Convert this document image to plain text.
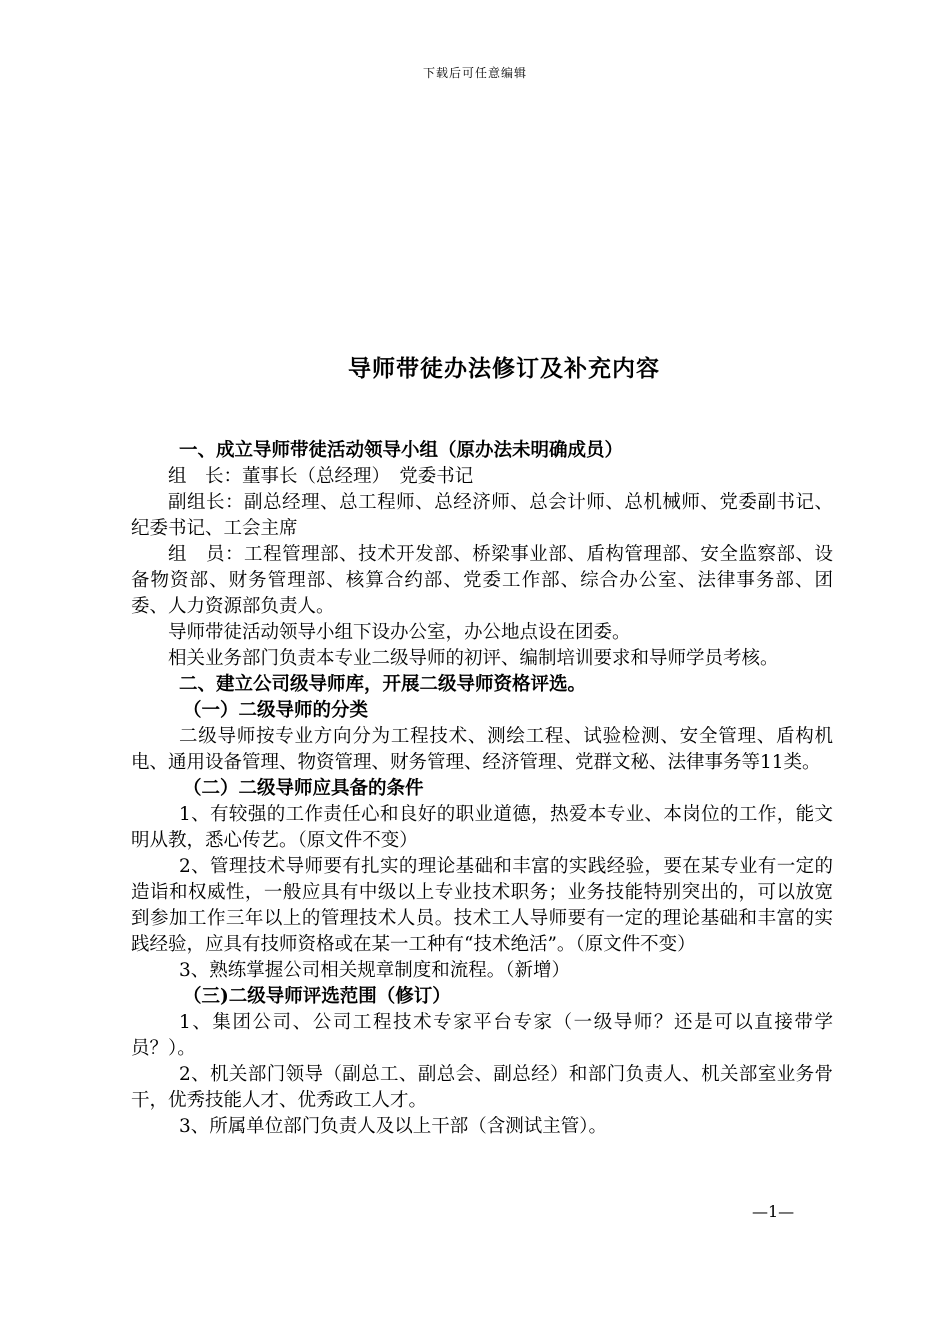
下载后可任意编辑
导师带徒办法修订及补充内容

一、成立导师带徒活动领导小组（原办法未明确成员）

组　长：董事长（总经理）　党委书记

副组长：副总经理、总工程师、总经济师、总会计师、总机械师、党委副书记、纪委书记、工会主席

组　员：工程管理部、技术开发部、桥梁事业部、盾构管理部、安全监察部、设备物资部、财务管理部、核算合约部、党委工作部、综合办公室、法律事务部、团委、人力资源部负责人。

导师带徒活动领导小组下设办公室，办公地点设在团委。

相关业务部门负责本专业二级导师的初评、编制培训要求和导师学员考核。

二、建立公司级导师库，开展二级导师资格评选。

（一）二级导师的分类

二级导师按专业方向分为工程技术、测绘工程、试验检测、安全管理、盾构机电、通用设备管理、物资管理、财务管理、经济管理、党群文秘、法律事务等11类。

（二）二级导师应具备的条件

1、有较强的工作责任心和良好的职业道德，热爱本专业、本岗位的工作，能文明从教，悉心传艺。（原文件不变）

2、管理技术导师要有扎实的理论基础和丰富的实践经验，要在某专业有一定的造诣和权威性，一般应具有中级以上专业技术职务；业务技能特别突出的，可以放宽到参加工作三年以上的管理技术人员。技术工人导师要有一定的理论基础和丰富的实践经验，应具有技师资格或在某一工种有“技术绝活”。（原文件不变）

3、熟练掌握公司相关规章制度和流程。（新增）

（三)二级导师评选范围（修订）

1、集团公司、公司工程技术专家平台专家（一级导师？还是可以直接带学员？）。

2、机关部门领导（副总工、副总会、副总经）和部门负责人、机关部室业务骨干，优秀技能人才、优秀政工人才。

3、所属单位部门负责人及以上干部（含测试主管）。

—1—
